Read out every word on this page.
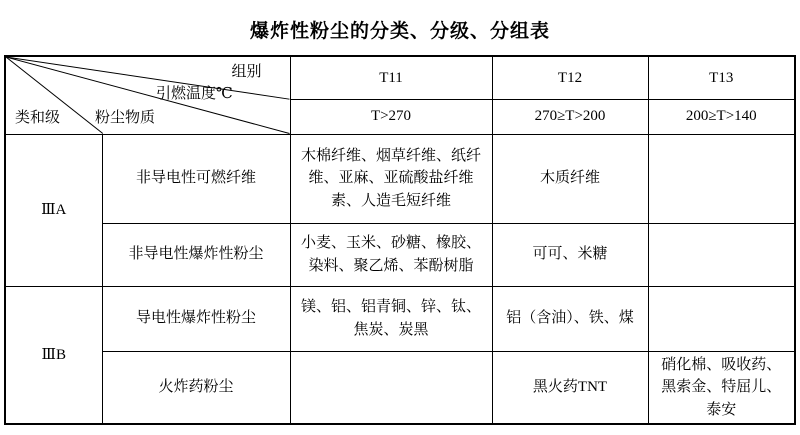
爆炸性粉尘的分类、分级、分组表
组别
引燃温度℃
类和级 粉尘物质		T11	T12	T13
		T>270	270≥T>200	200≥T>140
ⅢA	非导电性可燃纤维	木棉纤维、烟草纤维、纸纤维、亚麻、亚硫酸盐纤维素、人造毛短纤维	木质纤维	
	非导电性爆炸性粉尘	小麦、玉米、砂糖、橡胶、染料、聚乙烯、苯酚树脂	可可、米糖	
ⅢB	导电性爆炸性粉尘	镁、铝、铝青铜、锌、钛、焦炭、炭黑	铝（含油）、铁、煤	
	火炸药粉尘		黑火药TNT	硝化棉、吸收药、黑索金、特屈儿、泰安
